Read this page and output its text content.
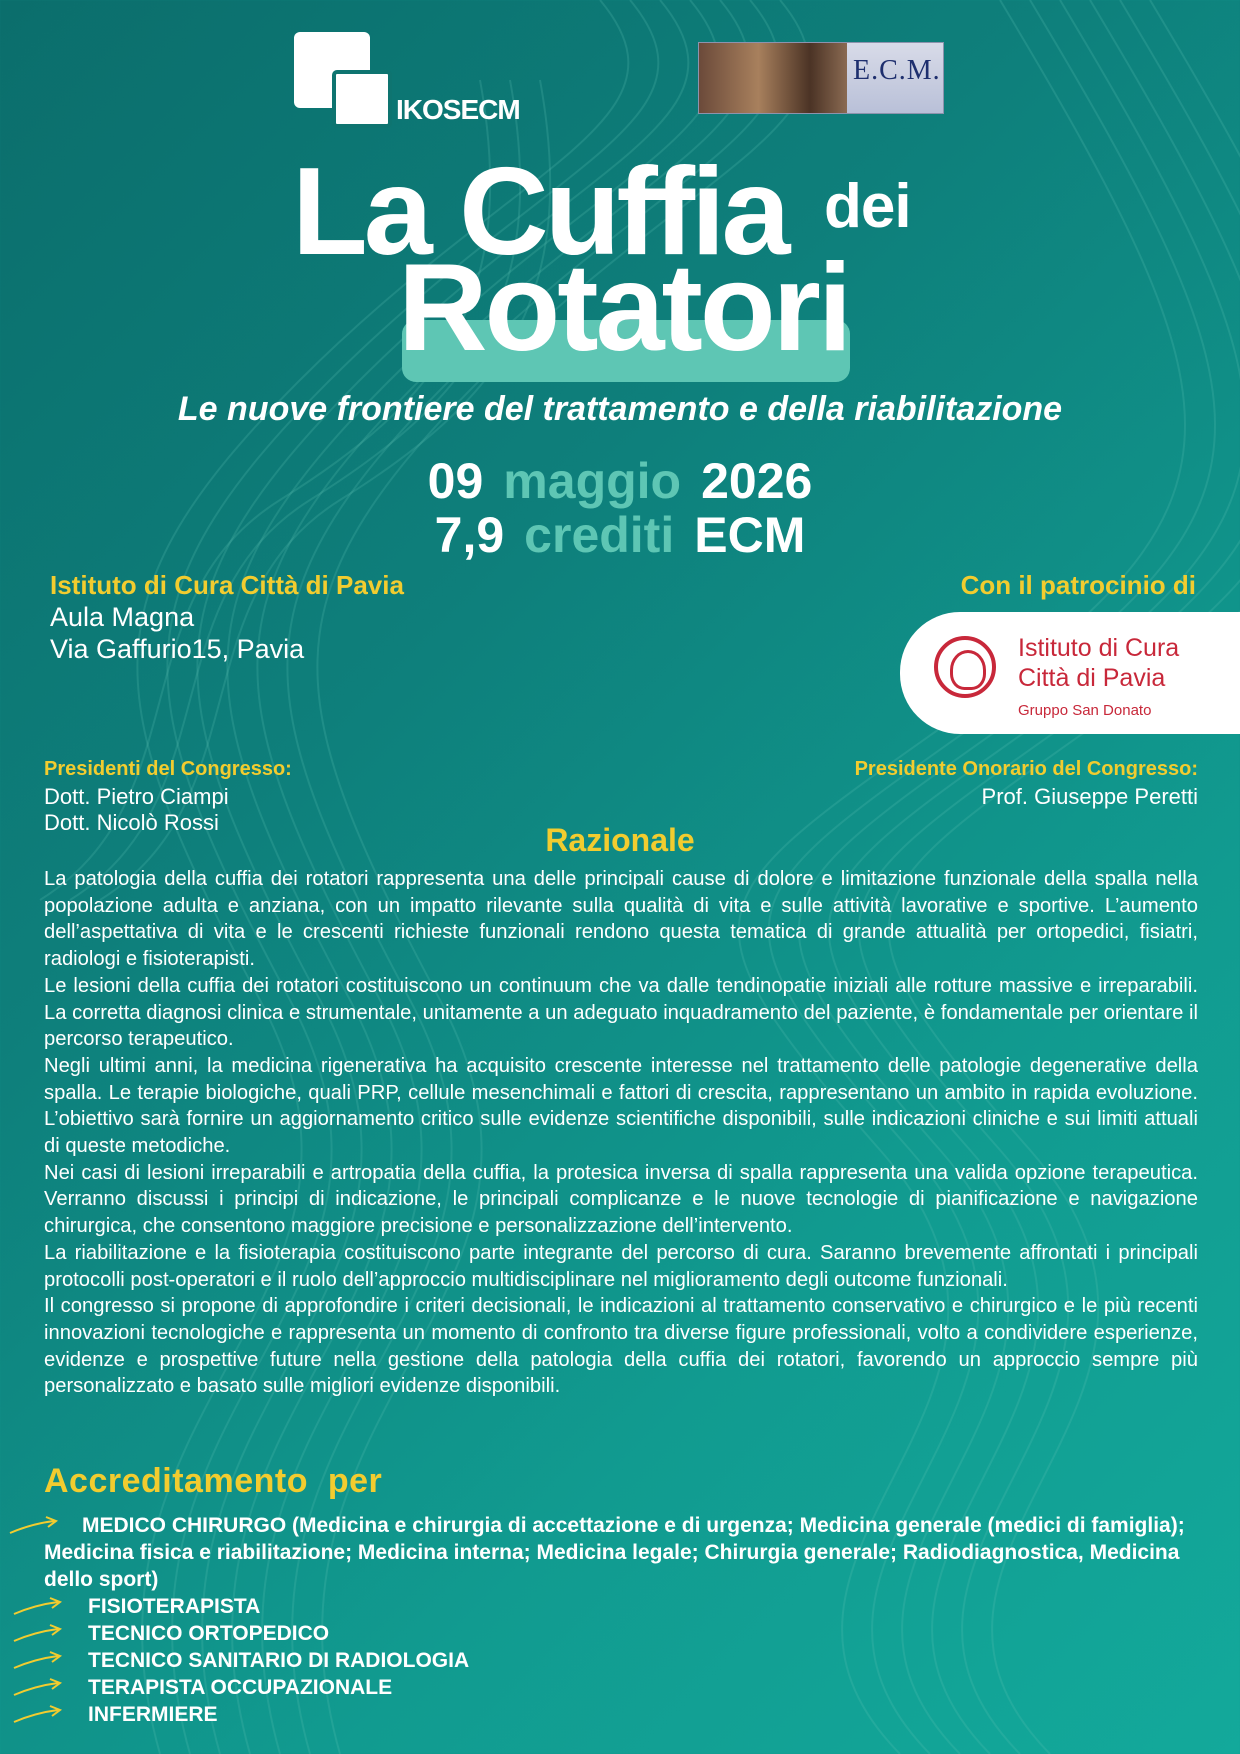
IKOSECM
E.C.M.
La Cuffia dei
Rotatori
Le nuove frontiere del trattamento e della riabilitazione
09 maggio 2026
7,9 crediti ECM
Istituto di Cura Città di Pavia
Aula Magna
Via Gaffurio15, Pavia
Con il patrocinio di
Istituto di Cura
Città di Pavia
Gruppo San Donato
Presidenti del Congresso:
Dott. Pietro Ciampi
Dott. Nicolò Rossi
Presidente Onorario del Congresso:
Prof. Giuseppe Peretti
Razionale

La patologia della cuffia dei rotatori rappresenta una delle principali cause di dolore e limitazione funzionale della spalla nella popolazione adulta e anziana, con un impatto rilevante sulla qualità di vita e sulle attività lavorative e sportive. L’aumento dell’aspettativa di vita e le crescenti richieste funzionali rendono questa tematica di grande attualità per ortopedici, fisiatri, radiologi e fisioterapisti.

Le lesioni della cuffia dei rotatori costituiscono un continuum che va dalle tendinopatie iniziali alle rotture massive e irreparabili. La corretta diagnosi clinica e strumentale, unitamente a un adeguato inquadramento del paziente, è fondamentale per orientare il percorso terapeutico.

Negli ultimi anni, la medicina rigenerativa ha acquisito crescente interesse nel trattamento delle patologie degenerative della spalla. Le terapie biologiche, quali PRP, cellule mesenchimali e fattori di crescita, rappresentano un ambito in rapida evoluzione. L’obiettivo sarà fornire un aggiornamento critico sulle evidenze scientifiche disponibili, sulle indicazioni cliniche e sui limiti attuali di queste metodiche.

Nei casi di lesioni irreparabili e artropatia della cuffia, la protesica inversa di spalla rappresenta una valida opzione terapeutica. Verranno discussi i principi di indicazione, le principali complicanze e le nuove tecnologie di pianificazione e navigazione chirurgica, che consentono maggiore precisione e personalizzazione dell’intervento.

La riabilitazione e la fisioterapia costituiscono parte integrante del percorso di cura. Saranno brevemente affrontati i principali protocolli post-operatori e il ruolo dell’approccio multidisciplinare nel miglioramento degli outcome funzionali.

Il congresso si propone di approfondire i criteri decisionali, le indicazioni al trattamento conservativo e chirurgico e le più recenti innovazioni tecnologiche e rappresenta un momento di confronto tra diverse figure professionali, volto a condividere esperienze, evidenze e prospettive future nella gestione della patologia della cuffia dei rotatori, favorendo un approccio sempre più personalizzato e basato sulle migliori evidenze disponibili.

Accreditamento  per
MEDICO CHIRURGO (Medicina e chirurgia di accettazione e di urgenza; Medicina generale (medici di famiglia); Medicina fisica e riabilitazione; Medicina interna; Medicina legale; Chirurgia generale; Radiodiagnostica, Medicina dello sport)
FISIOTERAPISTA
TECNICO ORTOPEDICO
TECNICO SANITARIO DI RADIOLOGIA
TERAPISTA OCCUPAZIONALE
INFERMIERE
